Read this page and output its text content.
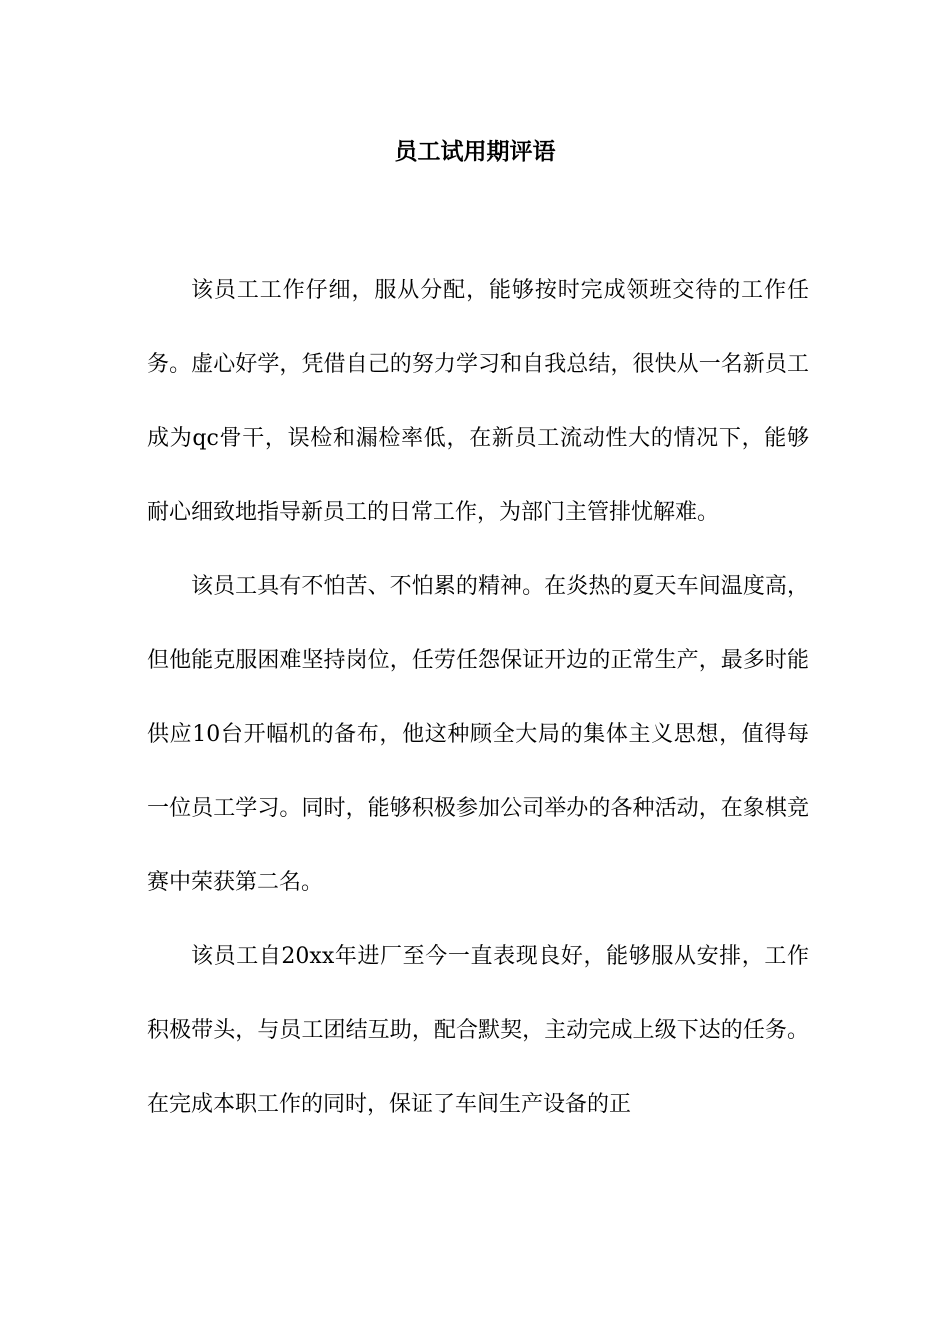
员工试用期评语

该员工工作仔细，服从分配，能够按时完成领班交待的工作任务。虚心好学，凭借自己的努力学习和自我总结，很快从一名新员工成为qc骨干，误检和漏检率低，在新员工流动性大的情况下，能够耐心细致地指导新员工的日常工作，为部门主管排忧解难。

该员工具有不怕苦、不怕累的精神。在炎热的夏天车间温度高，但他能克服困难坚持岗位，任劳任怨保证开边的正常生产，最多时能供应10台开幅机的备布，他这种顾全大局的集体主义思想，值得每一位员工学习。同时，能够积极参加公司举办的各种活动，在象棋竞赛中荣获第二名。

该员工自20xx年进厂至今一直表现良好，能够服从安排，工作积极带头，与员工团结互助，配合默契，主动完成上级下达的任务。在完成本职工作的同时，保证了车间生产设备的正
